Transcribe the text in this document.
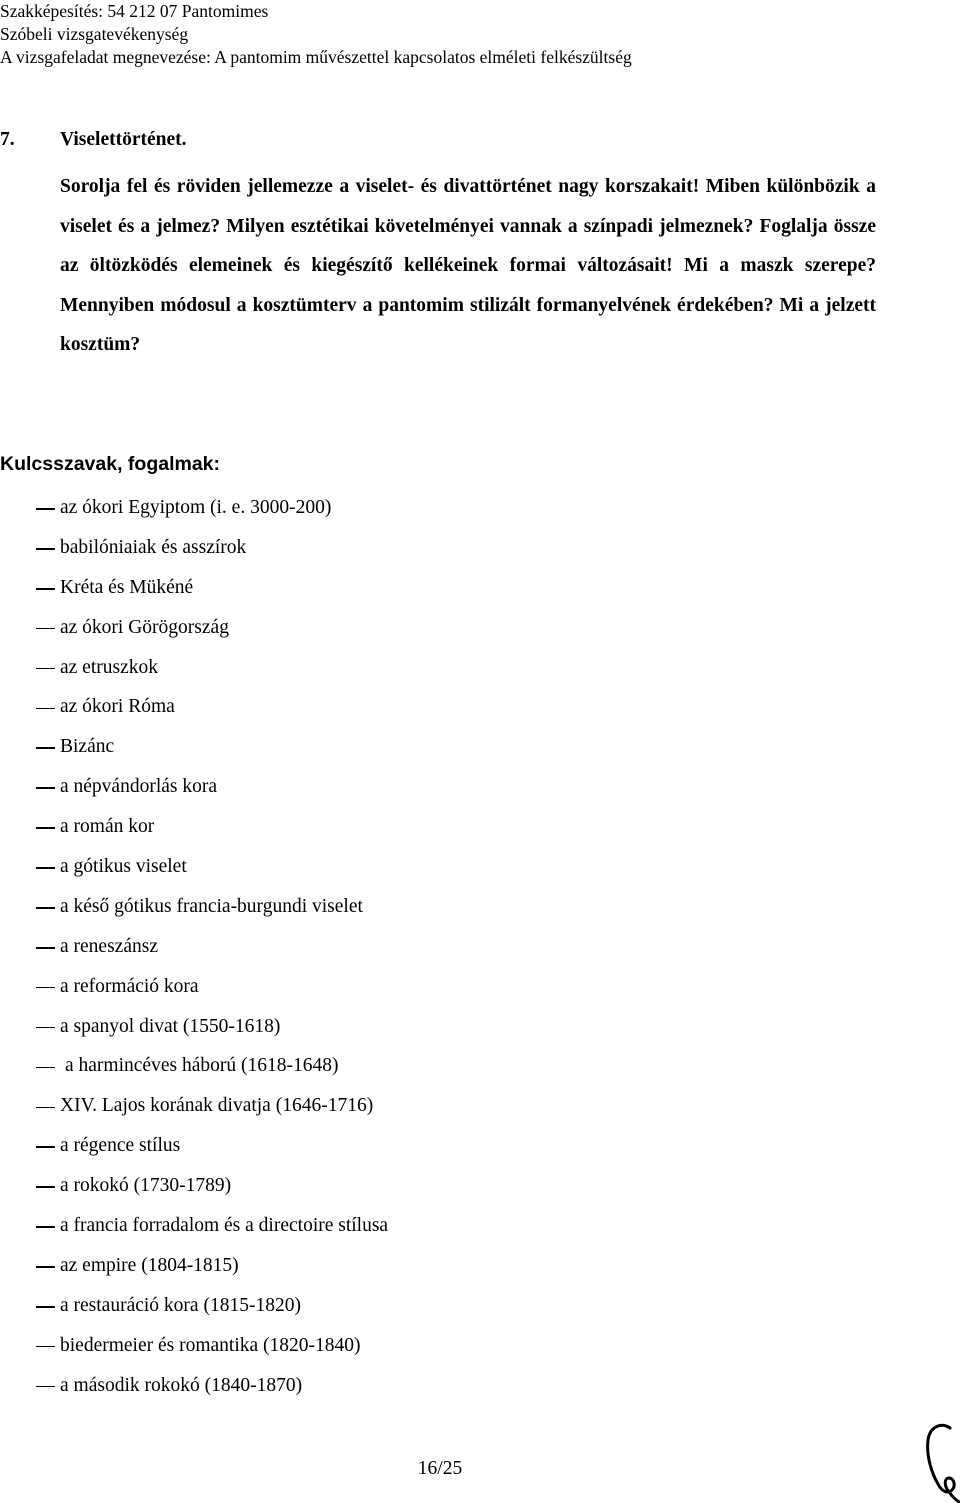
Szakképesítés: 54 212 07 Pantomimes

Szóbeli vizsgatevékenység

A vizsgafeladat megnevezése: A pantomim művészettel kapcsolatos elméleti felkészültség

7.	Viselettörténet.

Sorolja fel és röviden jellemezze a viselet- és divattörténet nagy korszakait! Miben különbözik a viselet és a jelmez? Milyen esztétikai követelményei vannak a színpadi jelmeznek? Foglalja össze az öltözködés elemeinek és kiegészítő kellékeinek formai változásait! Mi a maszk szerepe? Mennyiben módosul a kosztümterv a pantomim stilizált formanyelvének érdekében? Mi a jelzett kosztüm?

Kulcsszavak, fogalmak:

az ókori Egyiptom (i. e. 3000-200)
babilóniaiak és asszírok
Kréta és Mükéné
az ókori Görögország
az etruszkok
az ókori Róma
Bizánc
a népvándorlás kora
a román kor
a gótikus viselet
a késő gótikus francia-burgundi viselet
a reneszánsz
a reformáció kora
a spanyol divat (1550-1618)
a harmincéves háború (1618-1648)
XIV. Lajos korának divatja (1646-1716)
a régence stílus
a rokokó (1730-1789)
a francia forradalom és a directoire stílusa
az empire (1804-1815)
a restauráció kora (1815-1820)
biedermeier és romantika (1820-1840)
a második rokokó (1840-1870)
16/25
